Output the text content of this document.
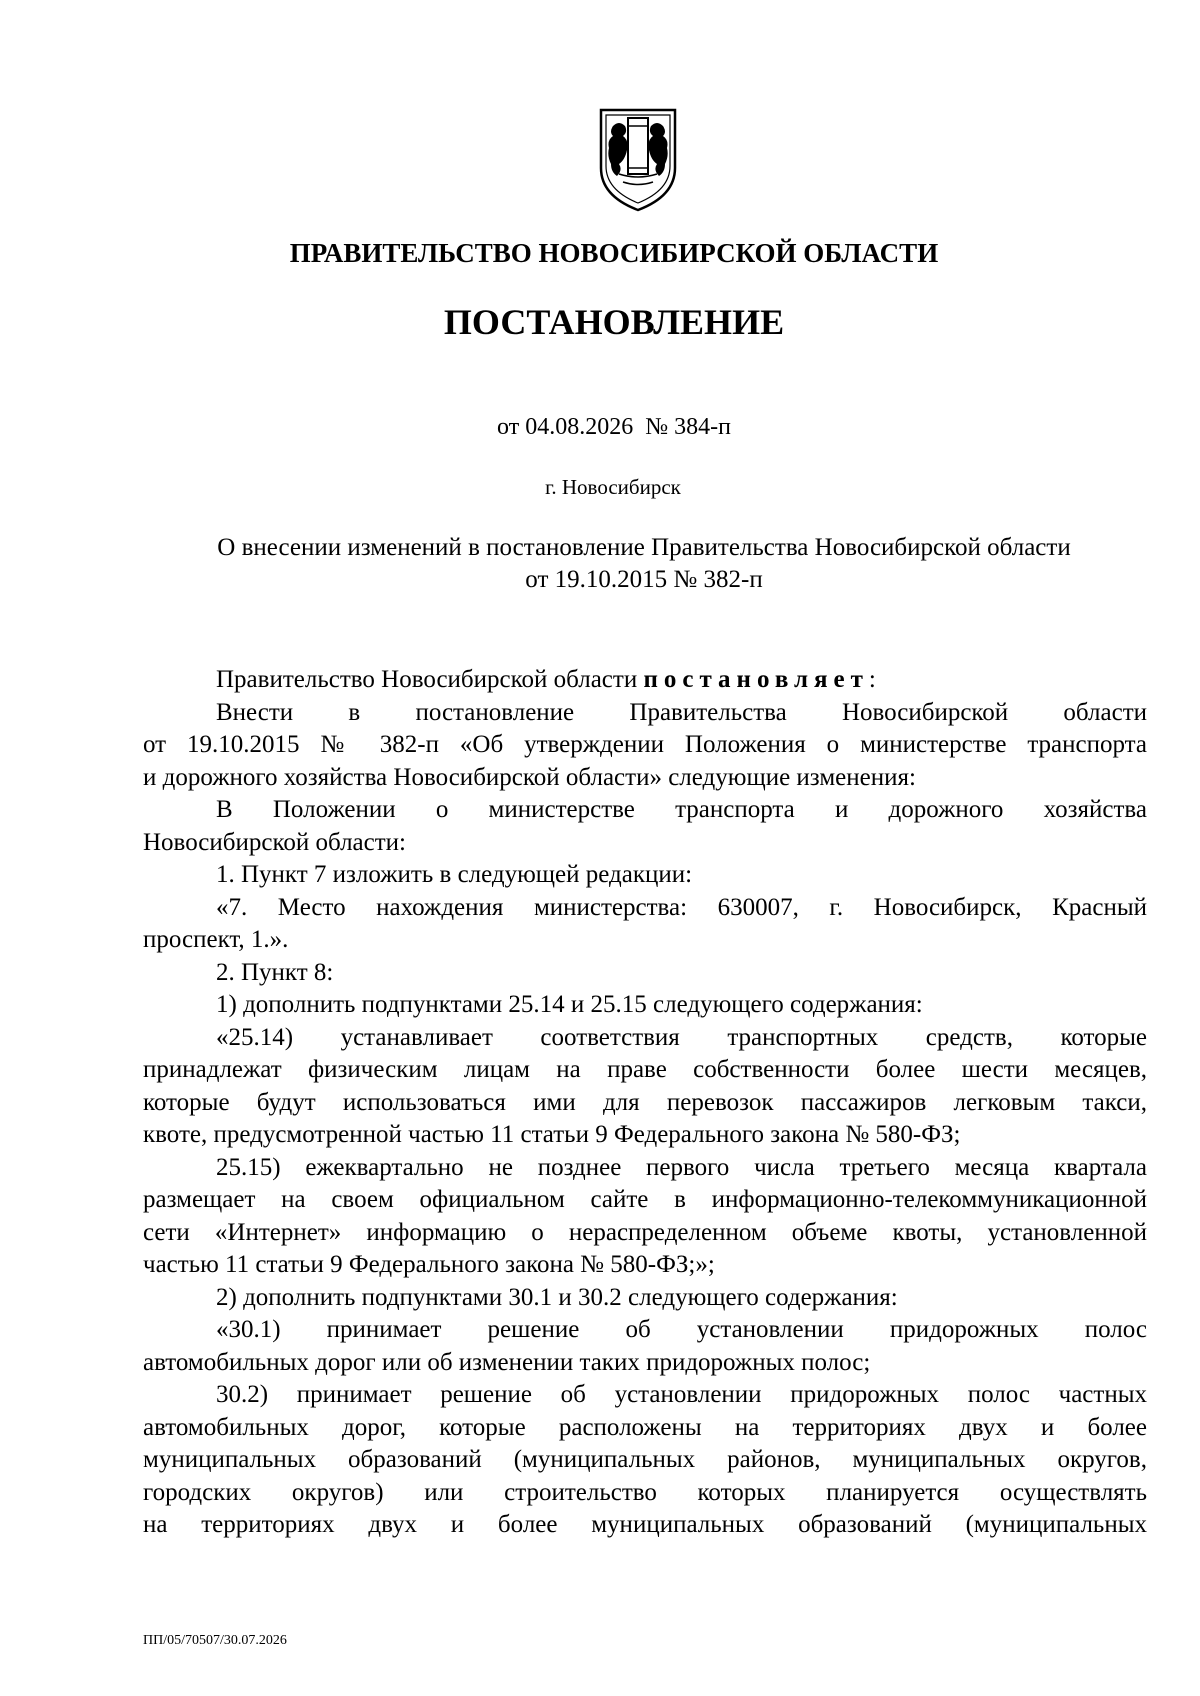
ПРАВИТЕЛЬСТВО НОВОСИБИРСКОЙ ОБЛАСТИ
ПОСТАНОВЛЕНИЕ
от 04.08.2026 № 384-п
г. Новосибирск
О внесении изменений в постановление Правительства Новосибирской области
от 19.10.2015 № 382-п
Правительство Новосибирской области постановляет:
Внести в постановление Правительства Новосибирской области
от 19.10.2015 № 382-п «Об утверждении Положения о министерстве транспорта
и дорожного хозяйства Новосибирской области» следующие изменения:
В Положении о министерстве транспорта и дорожного хозяйства
Новосибирской области:
1. Пункт 7 изложить в следующей редакции:
«7. Место нахождения министерства: 630007, г. Новосибирск, Красный
проспект, 1.».
2. Пункт 8:
1) дополнить подпунктами 25.14 и 25.15 следующего содержания:
«25.14) устанавливает соответствия транспортных средств, которые
принадлежат физическим лицам на праве собственности более шести месяцев,
которые будут использоваться ими для перевозок пассажиров легковым такси,
квоте, предусмотренной частью 11 статьи 9 Федерального закона № 580-ФЗ;
25.15) ежеквартально не позднее первого числа третьего месяца квартала
размещает на своем официальном сайте в информационно-телекоммуникационной
сети «Интернет» информацию о нераспределенном объеме квоты, установленной
частью 11 статьи 9 Федерального закона № 580-ФЗ;»;
2) дополнить подпунктами 30.1 и 30.2 следующего содержания:
«30.1) принимает решение об установлении придорожных полос
автомобильных дорог или об изменении таких придорожных полос;
30.2) принимает решение об установлении придорожных полос частных
автомобильных дорог, которые расположены на территориях двух и более
муниципальных образований (муниципальных районов, муниципальных округов,
городских округов) или строительство которых планируется осуществлять
на территориях двух и более муниципальных образований (муниципальных
ПП/05/70507/30.07.2026
